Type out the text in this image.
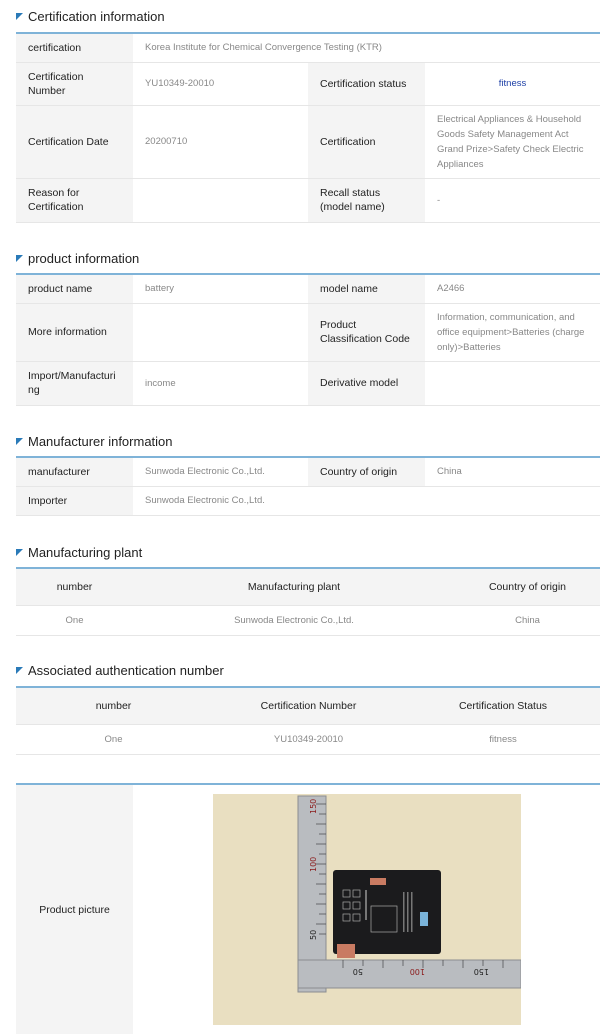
Certification information
certification	Korea Institute for Chemical Convergence Testing (KTR)		
Certification Number	YU10349-20010	Certification status	fitness
Certification Date	20200710	Certification	Electrical Appliances & Household Goods Safety Management Act Grand Prize>Safety Check Electric Appliances
Reason for Certification		Recall status (model name)	-
product information
product name	battery	model name	A2466
More information		Product Classification Code	Information, communication, and office equipment>Batteries (charge only)>Batteries
Import/Manufacturing	income	Derivative model	
Manufacturer information
manufacturer	Sunwoda Electronic Co.,Ltd.	Country of origin	China
Importer	Sunwoda Electronic Co.,Ltd.		
Manufacturing plant
number	Manufacturing plant	Country of origin
One	Sunwoda Electronic Co.,Ltd.	China
Associated authentication number
number	Certification Number	Certification Status
One	YU10349-20010	fitness
Product picture
150
100
50
50	100	150
